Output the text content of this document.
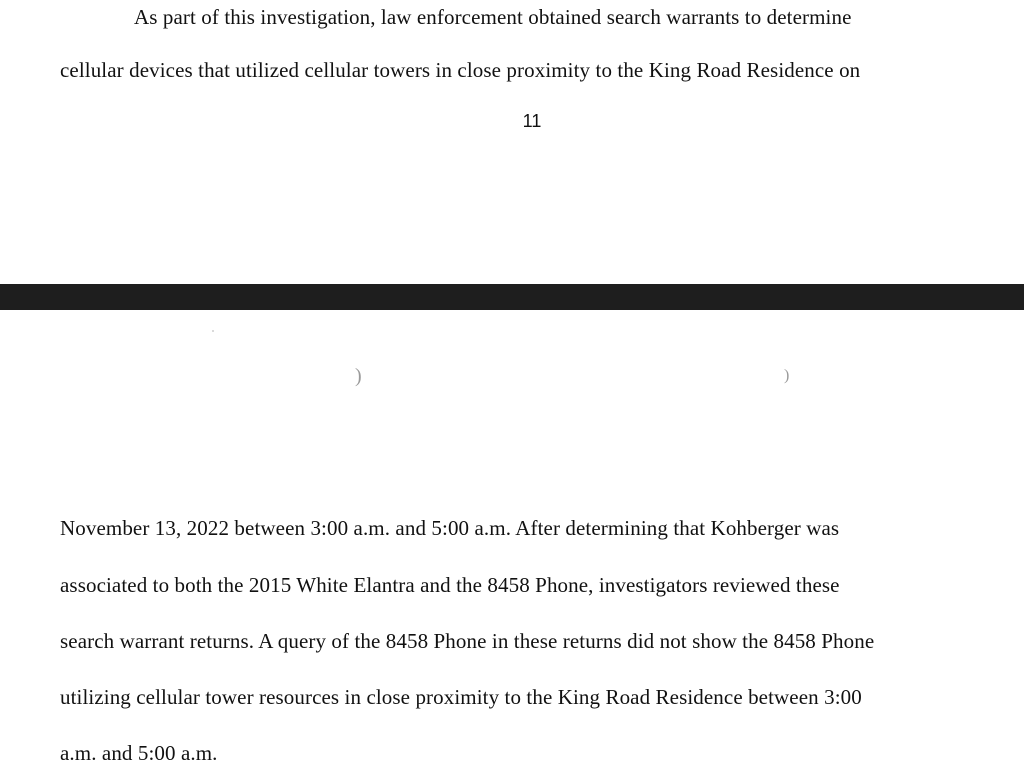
As part of this investigation, law enforcement obtained search warrants to determine
cellular devices that utilized cellular towers in close proximity to the King Road Residence on
11
)	)
November 13, 2022 between 3:00 a.m. and 5:00 a.m. After determining that Kohberger was
associated to both the 2015 White Elantra and the 8458 Phone, investigators reviewed these
search warrant returns. A query of the 8458 Phone in these returns did not show the 8458 Phone
utilizing cellular tower resources in close proximity to the King Road Residence between 3:00
a.m. and 5:00 a.m.
